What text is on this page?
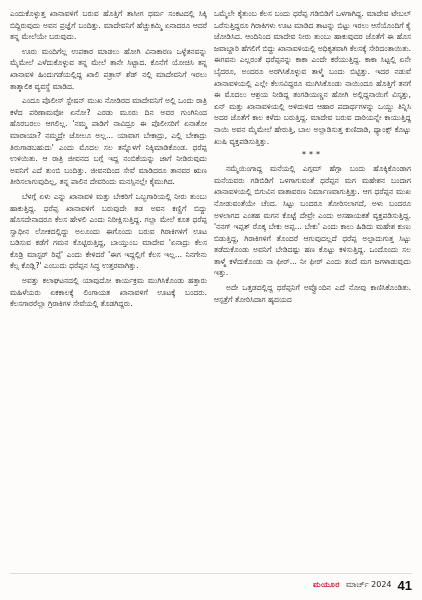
ಎಂದುಕೊಳ್ಳುತ್ತ ಖಾನಾವಳಿಗೆ ಬರುವ ಹೊತ್ತಿಗೆ ತಾಸೀಗ ಧರ್ಮ ಸಂಕಟದಲ್ಲಿ ಸಿಕ್ಕಿ ಬಿದ್ದಿರುವುದು ಅವನ ಪ್ರಜ್ಞೆಗೆ ಬಂದಿತ್ತು. ಮಾದೇವನಿಗೆ ಹೆಚ್ಚುಕಮ್ಮಿ ಏನಾದರೂ ಆದರೆ ತನ್ನ ಮೇಲೆಯೇ ಬರುವುದು.

ಊರು ಮಂದಿಗೆಲ್ಲ ಉಪಕಾರ ಮಾಡಲು ಹೋಗಿ ವಿನಾಕಾರಣ ಒಳ್ಳೆತನವನ್ನು ಮೈಮೇಲೆ ಎಳೆದುಕೊಳ್ಳುವ ತನ್ನ ಮೇಲೆ ತಾನೇ ಸಿಟ್ಟಾದ. ಕೊನೆಗೆ ಯೋಚಿಸಿ ತನ್ನ ಖಾನಾವಳಿ ಹಿಂದುಗಡೆಯಲ್ಲಿದ್ದ ಖಾಲಿ ಪತ್ರಾಸ್ ಶೆಡ್ ನಲ್ಲಿ ಮಾದೇವನಿಗೆ ಇರಲು ತಾತ್ಕಾಲಿಕ ವ್ಯವಸ್ಥೆ ಮಾಡಿದ.

ಎಂದೂ ಪೊಲೀಸ್ ಸ್ಟೇಷನ್ ಮುಖ ನೋಡಿರದ ಮಾದೇವನಿಗೆ ಅಲ್ಲಿ ಒಂದು ರಾತ್ರಿ ಕಳೆದ ಪರಿಣಾಮವೋ ಏನೋ? ಎರಡು ಮೂರು ದಿನ ಅವರ ಗುಂಗಿನಿಂದ ಹೊರಬರಲು ಆಗಲಿಲ್ಲ. 'ನಮ್ಮ ಪಾಡಿಗೆ ನಾವಿದ್ರೂ ಈ ಪೊಲೀಸರಿಗೆ ಏನಾತೋ ಮಾರಾಯಾ? ನಮ್ಮದ್ರೇ ಜೋಲೂ ಅಲ್ಲ... ಯಾವಾಗ ಬೇಕಾದ್ರು, ಎಲ್ಲಿ ಬೇಕಾದ್ರು ತಿರುಗಾಡಬಹುದು' ಎಂದು ಮೊದಲ ಸಲ ತನ್ನೊಳಗೆ ನಿಕ್ಕಿಮಾಡಿಕೊಂಡ. ಧರೆಪ್ಪ ಉಳಿಯಿತು. ಆ ರಾತ್ರಿ ಜೀವನದ ಬಗ್ಗೆ ಇದ್ದ ನಂಬಿಕೆಯನ್ನು ಜಾಗೆ ನೀಡಿರುವುದು ಅವನಿಗೆ ಎದೆ ತುಂಬಿ ಬಂದಿತ್ತು. ಜೀವನದಿಂದ ಸೇವೆ ಮಾಡಿದರೂ ತಾನವರ ಋಣ ತೀರಿಸಲಾಗುವುದಿಲ್ಲ, ತನ್ನ ಪಾಲಿನ ದೇವರಿಂದು ಮನಸ್ಸಿನಲ್ಲೇ ಕೈಮುಗಿದ.

ಬೆಳಗ್ಗೆ ಏಳು ಎನ್ನು ಖಾನಾವಳಿ ಮತ್ತು ಬೇಕರಿಗೆ ಒಬ್ಬಗಾರಿಯಲ್ಲಿ ನೀರು ತುಂಬು ಹಾಕುತ್ತಿದ್ದ. ಧರೆಪ್ಪ ಖಾನಾವಳಿಗೆ ಬರುವುದೇ ತಡ ಅವನ ಕಣ್ಣಿಗೆ ಬಿದ್ದು ಹೊಸದೇನಾದರೂ ಕೆಲಸ ಹೇಳಲಿ ಎಂದು ನಿರೀಕ್ಷಿಸುತ್ತಿದ್ದ. ಗಲ್ಲಾ ಮೇಲೆ ಕೂತ ಧರೆಪ್ಪ ಸ್ವಾಧೀನ ಲೋಕದಲ್ಲಿದ್ದು ಅಲೂಂದು ಈಗೊಂದು ಬರುವ ಗಿರಾಕಿಗಳಿಗೆ ಊಟ ಬಡಿಸುವ ಕಡೆಗೆ ಗಮನ ಕೊಟ್ಟಿರುತ್ತಿದ್ದ, ಬಾಯ್ತುಂಬ ಮಾದೇವ 'ಏನಾದ್ರು ಕೆಲಸ ಕೊಡ್ರಿ ಮಾಸ್ಟರ್ ರಿಪ್ಪೆ' ಎಂದು ಕೇಳಿದರೆ 'ಈಗ ಇದ್ದಲ್ಲಿಗೆ ಕೆಲಸ ಇಲ್ಲ... ನಿನಗೇನು ಕೆಲ್ಸ ಕೊಡ್ಲಿ?' ಎಂಬುದು ಧರೆಪ್ಪನ ಸಿದ್ಧ ಉತ್ತರವಾಗಿತ್ತು.

ಅವತ್ತು ಕಲಾಘಟನದಲ್ಲಿ ಯಾವುದೋ ಕಾರ್ಯಕ್ರಮ ಮುಗಿಸಿಕೊಂಡು ಹತ್ತಾರು ಮಹಿಳೆಯರು ಏಕಕಾಲಕ್ಕೆ ಲಿಂಗಾಯತ ಖಾನಾವಳಿಗೆ ಊಟಕ್ಕೆ ಬಂದರು. ಕೆಲಸಗಾರರೆಲ್ಲಾ ಗ್ರಿರಾಕಿಗಳ ಸೇವೆಯಲ್ಲಿ ತೊಡಗಿದ್ದರು.

ಒಮ್ಮೆಲೇ ಕೈತುಂಬ ಕೆಲಸ ಬಂದು ಧರೆಪ್ಪ ಗಡಿಬಿಡಿಗೆ ಒಳಗಾಗಿದ್ದ. ಮಾದೇವ ಟೇಬಲ್ ಒರೆಸುತ್ತಿದ್ದರೂ ಗಿರಾಕಿಗಳು ಊಟ ಮಾಡಿದ ತಾಟನ್ನು ಬಿಟ್ಟು ಇರಲು ಆಸೆಯೊಂದಿಗೆ ಕೈ ಜೋಡಿಸಿದ. ಆಂದಿನಿಂದ ಮಾದೇವ ನೀರು ತುಂಬು ಹಾಕುವುದರ ಜೊತೆಗೆ ಈ ಹೊಸ ಜವಾಬ್ದಾರಿ ಹೆಗಲಿಗೆ ಬಿದ್ದು ಖಾನಾವಳಿಯಲ್ಲಿ ಅಧಿಕೃತವಾಗಿ ಕೆಲಸಕ್ಕೆ ಸೇರಿದಂತಾಯಿತು. ಈಗವನು ಎಲ್ಲರಂತೆ ಧರೆಪ್ಪನನ್ನು ಕಾಕಾ ಎಂದೇ ಕರೆಯುತ್ತಿದ್ದ. ಕಾಕಾ ಸಿಟ್ಟಲ್ಲಿ ಏನೇ ಬೈದರೂ, ಅಂದರೂ ಅರಗಿಸಿಕೊಳ್ಳುವ ತಾಳ್ಮೆ ಬಂದು ಬಿಟ್ಟಿತ್ತು. ಇದರ ನಡುವೆ ಖಾನಾವಳಿಯಲ್ಲಿ ಎಲ್ಲೇ ಕೆಲಸವಿದ್ದರೂ ಮುಗಿಸಿಕೊಂಡು ನಾಯಿಂದೂ ಹೊತ್ತಿಗೆ ತನಗೆ ಈ ಮೊದಲು ಆಶ್ರಯ ನೀಡಿದ್ದ ತಂಗಡಿಯಣ್ಣನ ಹೋಗಿ ಅಲ್ಲಿದ್ದನಾಯಿಗೆ ವಿಸ್ಕತ್ತು, ಏನ್ ಮತ್ತು ಖಾನಾವಳಿಯಲ್ಲಿ ಅಳಿದುಳಿದ ಆಹಾರ ಪದಾರ್ಥಗಳನ್ನು ಒಯ್ದು ತಿನ್ನಿಸಿ ಅದರ ಜೊತೆಗೆ ಕಾಲ ಕಳೆದು ಬರುತ್ತಿದ್ದ. ಮಾದೇವ ಬರುವ ದಾರಿಯನ್ನೇ ಕಾಯುತ್ತಿದ್ದ ನಾಯಿ ಅವನ ಮೈಮೇಲೆ ಹೇರುತ್ತಿ, ಬಾಲ ಅಲ್ಲಾಡಿಸುತ್ತ ಕುಣಿದಾಡಿ, ಥ್ಯಾಂಕ್ಸ್ ಕೊಟ್ಟು ಖುಷಿ ವ್ಯಕ್ತಪಡಿಸುತ್ತಿತ್ತು.

***

ನಮ್ಮೆಯಿಂಗಾದ್ದ ಮನೆಯಲ್ಲಿ ಎಗ್ಗಮ್ ಹೆಗ್ಗಾ ಬಂದು ಹೊಕ್ಕಿಕೊಂಡಾಗ ಮನೆಯವರು ಗಡಿಬಿಡಿಗೆ ಒಳಗಾಗುವಂತೆ ಧರೆಪ್ಪನ ಮಗ ಮಹೇಶನ ಬಂದಾಗ ಖಾನಾವಳಿಯಲ್ಲಿ ಬಿಗುವಿನ ವಾತಾವರಣ ನಿರ್ಮಾಣವಾಗುತ್ತಿತ್ತು. ಆಗ ಧರೆಪ್ಪನ ಮುಖ ನೋಡುವಂತೆಯೇ ಚೆಂದ. ಸಿಟ್ಟು ಬಂದರೂ ತೋರಿಸಲಾಗದೆ, ಅಳು ಬಂದರೂ ಅಳಲಾಗದ ಎಂತಹ ಮಗನ ಕೊಟ್ಟೆ ದೇವ್ರೇ ಎಂದು ಅಸಹಾಯಕತೆ ವ್ಯಕ್ತಪಡಿಸುತ್ತಿದ್ದ. 'ನನಗ್ ಇಪ್ಪತ್ ರೊಕ್ಕ ಬೇಕು ಅಪ್ಪ... ಬೇಕು' ಎಂದು ಕಾಲು ಹಿಡಿದು ಮಹೇಶ ಕುಣು ಬಿಡುತ್ತಿದ್ದ, ಗಿರಾಕಿಗಳಿಗೆ ತೊಂದರೆ ಆಗುವುದಲ್ಲದೆ ಧರೆಪ್ಪ ಅಲ್ಪಾದುಗುತ್ತ ಸಿಟ್ಟು ತಡೆದುಕೊಂಡು ಅವನಿಗೆ ಬೇಡಿದಷ್ಟು ಹಣ ಕೊಟ್ಟು ಕಳಿಸುತ್ತಿದ್ದ. ಒಂದೊಂದು ಸಲ ತಾಳ್ಮೆ ಕಳೆದುಕೊಂಡು ನಾ ಫೀರ್... ನೀ ಫೀರ್ ಎಂದು ತಂದೆ ಮಗ ಜಗಳಾಡುವುದು ಇತ್ತು.

ಅದೇ ಒತ್ತಡದಲ್ಲಿದ್ದ ಧರೆಪ್ಪನಿಗೆ ಅವ್ವೊಂದಿನ ಎದೆ ನೋವು ಕಾಣಿಸಿಕೊಂಡಿತು. ಆಸ್ಪತ್ರೆಗೆ ತೋರಿಸಿದಾಗ ಹೃದಯದ

ಮಯೂರ ಮಾರ್ಚ್ 2024 41
